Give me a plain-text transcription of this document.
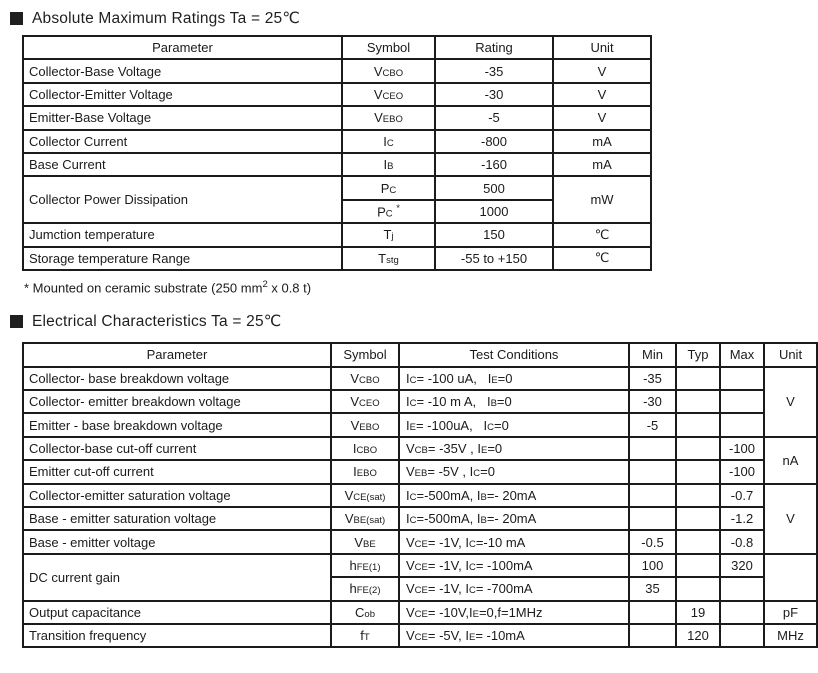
Absolute Maximum Ratings Ta = 25℃
Parameter	Symbol	Rating	Unit
Collector-Base Voltage	VCBO	-35	V
Collector-Emitter Voltage	VCEO	-30	V
Emitter-Base Voltage	VEBO	-5	V
Collector Current	IC	-800	mA
Base Current	IB	-160	mA
Collector Power Dissipation	PC	500	mW
	PC *	1000	
Jumction temperature	Tj	150	℃
Storage temperature Range	Tstg	-55 to +150	℃
* Mounted on ceramic substrate (250 $mm^2$ x 0.8 t)
Electrical Characteristics Ta = 25℃
Parameter	Symbol	Test Conditions	Min	Typ	Max	Unit
Collector- base breakdown voltage	VCBO	IC= -100 uA,   IE=0	-35			V
Collector- emitter breakdown voltage	VCEO	IC= -10 m A,   IB=0	-30			
Emitter - base breakdown voltage	VEBO	IE= -100uA,   IC=0	-5			
Collector-base cut-off current	ICBO	VCB= -35V , IE=0			-100	nA
Emitter cut-off current	IEBO	VEB= -5V , IC=0			-100	
Collector-emitter saturation voltage	VCE(sat)	IC=-500mA, IB=- 20mA			-0.7	V
Base - emitter saturation voltage	VBE(sat)	IC=-500mA, IB=- 20mA			-1.2	
Base - emitter voltage	VBE	VCE= -1V, IC=-10 mA	-0.5		-0.8	
DC current gain	hFE(1)	VCE= -1V, IC= -100mA	100		320	
	hFE(2)	VCE= -1V, IC= -700mA	35			
Output capacitance	Cob	VCE= -10V,IE=0,f=1MHz		19		pF
Transition frequency	fT	VCE= -5V, IE= -10mA		120		MHz
